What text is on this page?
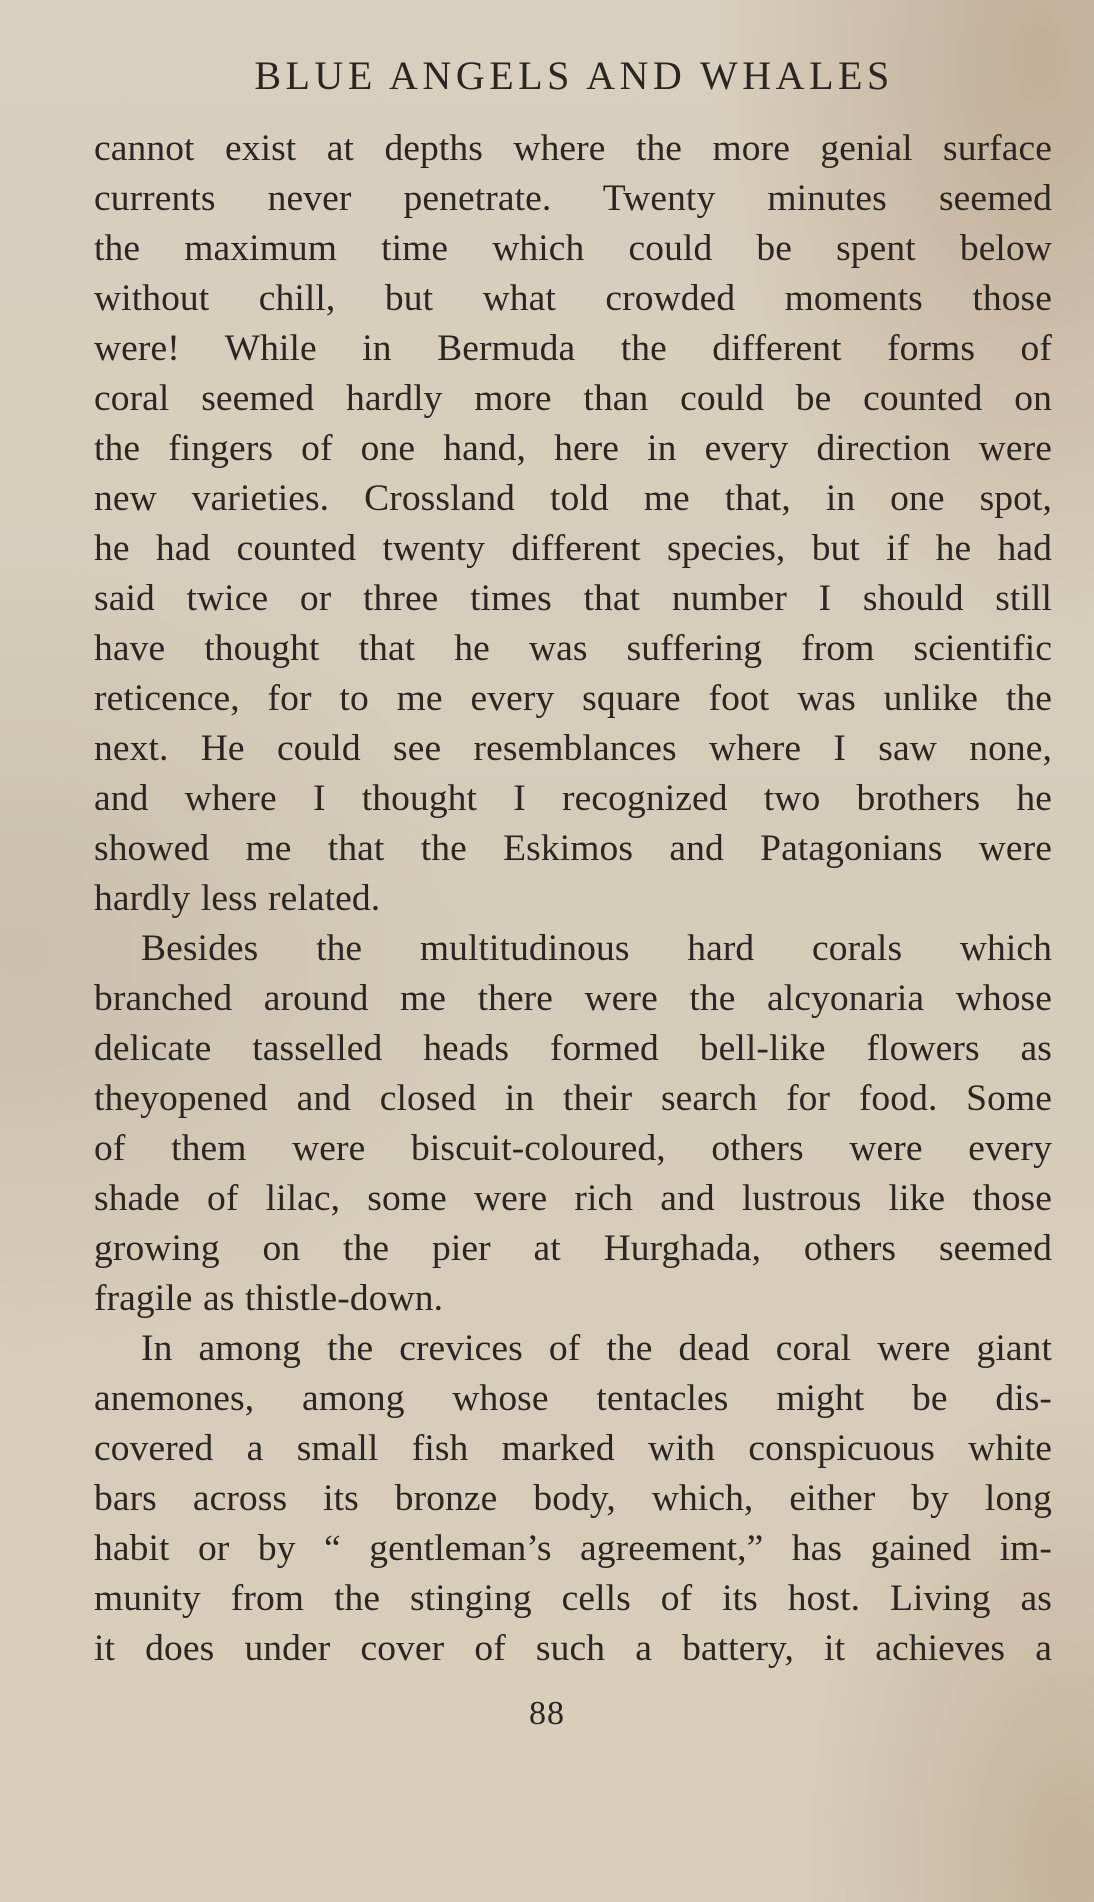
BLUE ANGELS AND WHALES
cannot exist at depths where the more genial surface
currents never penetrate. Twenty minutes seemed
the maximum time which could be spent below
without chill, but what crowded moments those
were! While in Bermuda the different forms of
coral seemed hardly more than could be counted on
the fingers of one hand, here in every direction were
new varieties. Crossland told me that, in one spot,
he had counted twenty different species, but if he had
said twice or three times that number I should still
have thought that he was suffering from scientific
reticence, for to me every square foot was unlike the
next. He could see resemblances where I saw none,
and where I thought I recognized two brothers he
showed me that the Eskimos and Patagonians were
hardly less related.
Besides the multitudinous hard corals which
branched around me there were the alcyonaria whose
delicate tasselled heads formed bell-like flowers as
theyopened and closed in their search for food. Some
of them were biscuit-coloured, others were every
shade of lilac, some were rich and lustrous like those
growing on the pier at Hurghada, others seemed
fragile as thistle-down.
In among the crevices of the dead coral were giant
anemones, among whose tentacles might be dis-
covered a small fish marked with conspicuous white
bars across its bronze body, which, either by long
habit or by “ gentleman’s agreement,” has gained im-
munity from the stinging cells of its host. Living as
it does under cover of such a battery, it achieves a
88
